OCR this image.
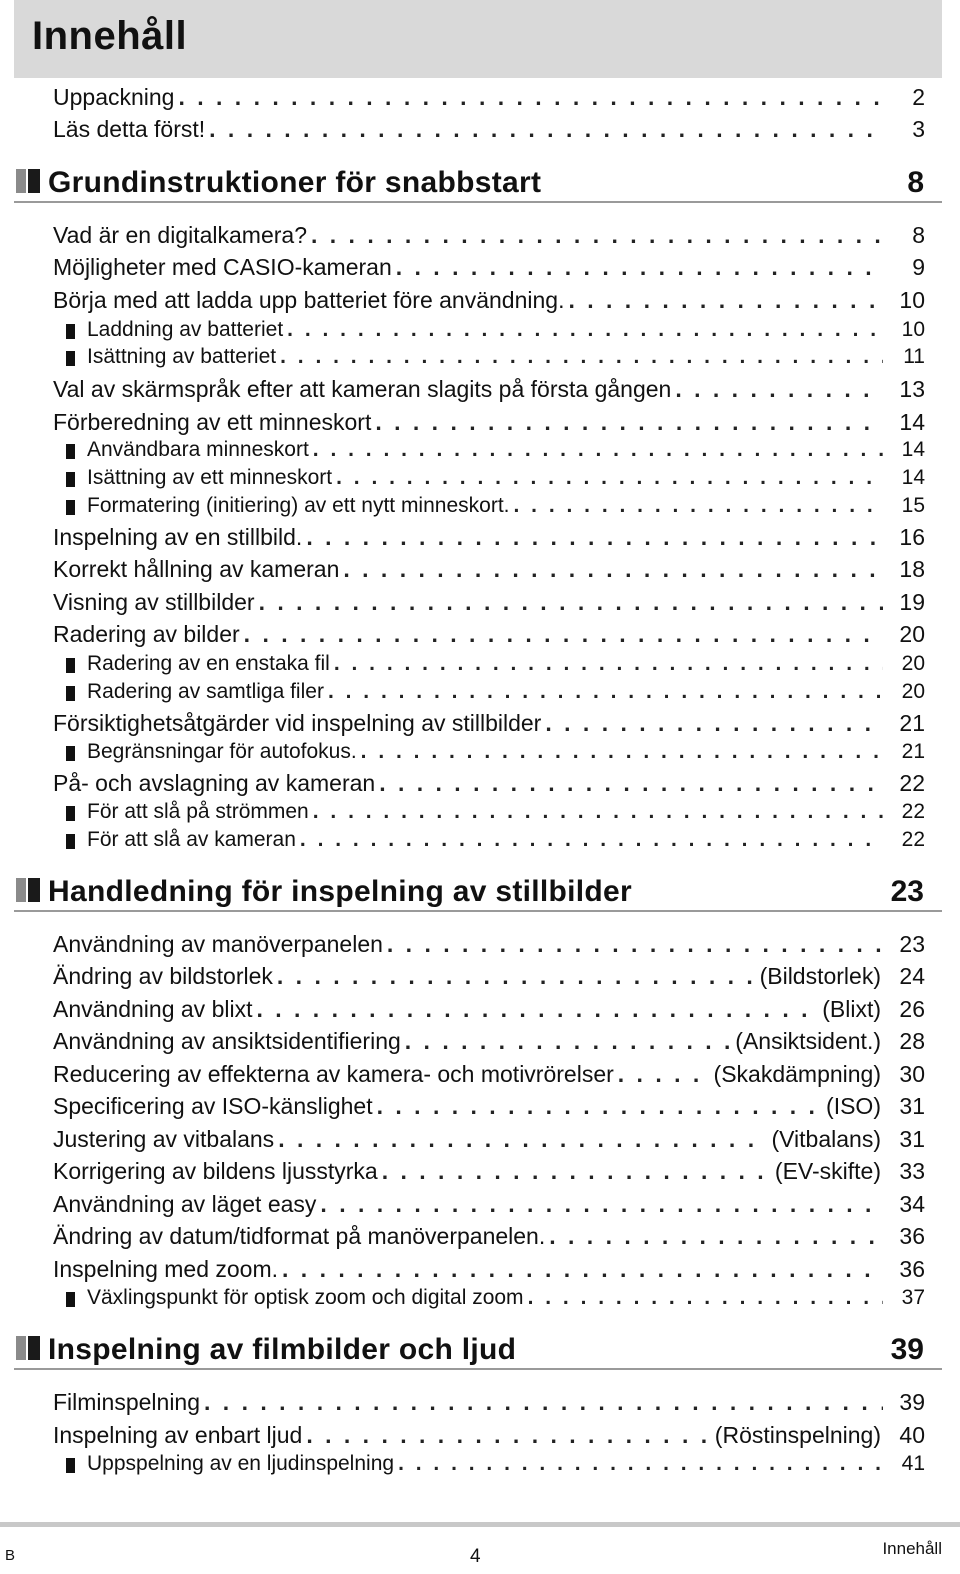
Innehåll
Uppackning . . .	2
Läs detta först! . . .	3
Grundinstruktioner för snabbstart	8
Vad är en digitalkamera? . . .	8
Möjligheter med CASIO-kameran . . .	9
Börja med att ladda upp batteriet före användning. . . .	10
Laddning av batteriet . . .	10
Isättning av batteriet . . .	11
Val av skärmspråk efter att kameran slagits på första gången . . .	13
Förberedning av ett minneskort . . .	14
Användbara minneskort . . .	14
Isättning av ett minneskort . . .	14
Formatering (initiering) av ett nytt minneskort. . . .	15
Inspelning av en stillbild. . . .	16
Korrekt hållning av kameran . . .	18
Visning av stillbilder . . .	19
Radering av bilder . . .	20
Radering av en enstaka fil . . .	20
Radering av samtliga filer . . .	20
Försiktighetsåtgärder vid inspelning av stillbilder . . .	21
Begränsningar för autofokus. . . .	21
På- och avslagning av kameran . . .	22
För att slå på strömmen . . .	22
För att slå av kameran . . .	22
Handledning för inspelning av stillbilder	23
Användning av manöverpanelen . . .	23
Ändring av bildstorlek . . .	(Bildstorlek) 24
Användning av blixt . . .	(Blixt) 26
Användning av ansiktsidentifiering . . .	(Ansiktsident.) 28
Reducering av effekterna av kamera- och motivrörelser . . .	(Skakdämpning) 30
Specificering av ISO-känslighet . . .	(ISO) 31
Justering av vitbalans . . .	(Vitbalans) 31
Korrigering av bildens ljusstyrka . . .	(EV-skifte) 33
Användning av läget easy . . .	34
Ändring av datum/tidformat på manöverpanelen. . . .	36
Inspelning med zoom. . . .	36
Växlingspunkt för optisk zoom och digital zoom . . .	37
Inspelning av filmbilder och ljud	39
Filminspelning . . .	39
Inspelning av enbart ljud . . .	(Röstinspelning) 40
Uppspelning av en ljudinspelning . . .	41
B	4	Innehåll
